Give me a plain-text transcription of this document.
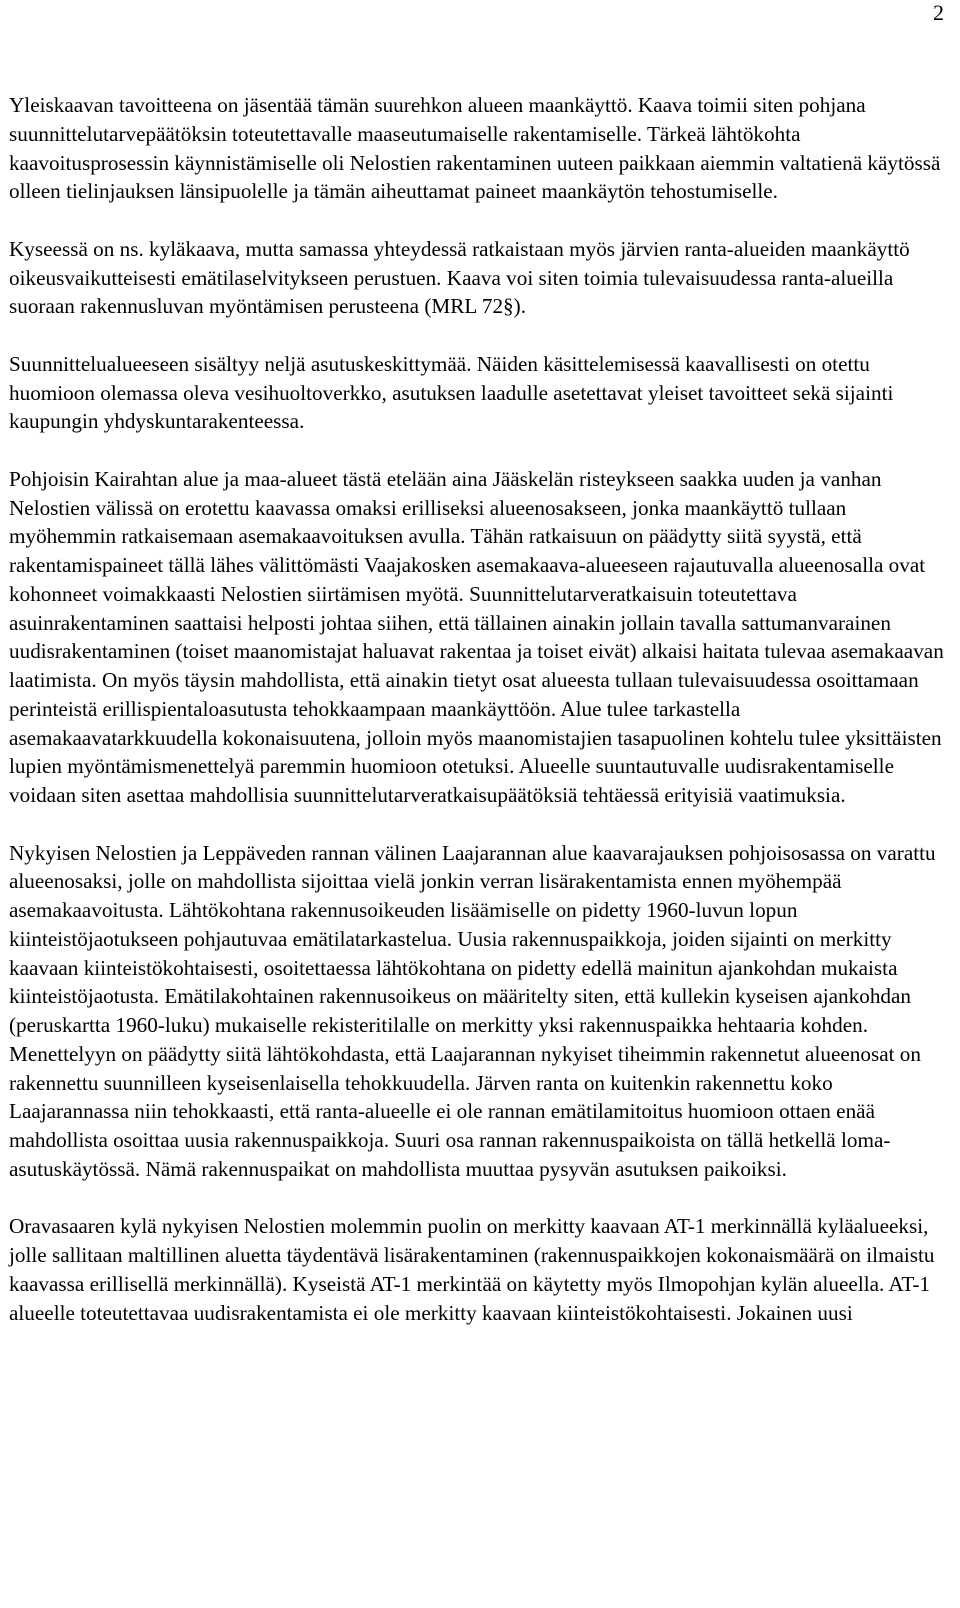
2

Yleiskaavan tavoitteena on jäsentää tämän suurehkon alueen maankäyttö. Kaava toimii siten pohjana suunnittelutarvepäätöksin toteutettavalle maaseutumaiselle rakentamiselle. Tärkeä lähtökohta kaavoitusprosessin käynnistämiselle oli Nelostien rakentaminen uuteen paikkaan aiemmin valtatienä käytössä olleen tielinjauksen länsipuolelle ja tämän aiheuttamat paineet maankäytön tehostumiselle.

Kyseessä on ns. kyläkaava, mutta samassa yhteydessä ratkaistaan myös järvien ranta-alueiden maankäyttö oikeusvaikutteisesti emätilaselvitykseen perustuen. Kaava voi siten toimia tulevaisuudessa ranta-alueilla suoraan rakennusluvan myöntämisen perusteena (MRL 72§).

Suunnittelualueeseen sisältyy neljä asutuskeskittymää. Näiden käsittelemisessä kaavallisesti on otettu huomioon olemassa oleva vesihuoltoverkko, asutuksen laadulle asetettavat yleiset tavoitteet sekä sijainti kaupungin yhdyskuntarakenteessa.

Pohjoisin Kairahtan alue ja maa-alueet tästä etelään aina Jääskelän risteykseen saakka uuden ja vanhan Nelostien välissä on erotettu kaavassa omaksi erilliseksi alueenosakseen, jonka maankäyttö tullaan myöhemmin ratkaisemaan asemakaavoituksen avulla. Tähän ratkaisuun on päädytty siitä syystä, että rakentamispaineet tällä lähes välittömästi Vaajakosken asemakaava-alueeseen rajautuvalla alueenosalla ovat kohonneet voimakkaasti Nelostien siirtämisen myötä. Suunnittelutarveratkaisuin toteutettava asuinrakentaminen saattaisi helposti johtaa siihen, että tällainen ainakin jollain tavalla sattumanvarainen uudisrakentaminen (toiset maanomistajat haluavat rakentaa ja toiset eivät) alkaisi haitata tulevaa asemakaavan laatimista. On myös täysin mahdollista, että ainakin tietyt osat alueesta tullaan tulevaisuudessa osoittamaan perinteistä erillispientaloasutusta tehokkaampaan maankäyttöön. Alue tulee tarkastella asemakaavatarkkuudella kokonaisuutena, jolloin myös maanomistajien tasapuolinen kohtelu tulee yksittäisten lupien myöntämismenettelyä paremmin huomioon otetuksi. Alueelle suuntautuvalle uudisrakentamiselle voidaan siten asettaa mahdollisia suunnittelutarveratkaisupäätöksiä tehtäessä erityisiä vaatimuksia.

Nykyisen Nelostien ja Leppäveden rannan välinen Laajarannan alue kaavarajauksen pohjoisosassa on varattu alueenosaksi, jolle on mahdollista sijoittaa vielä jonkin verran lisärakentamista ennen myöhempää asemakaavoitusta. Lähtökohtana rakennusoikeuden lisäämiselle on pidetty 1960-luvun lopun kiinteistöjaotukseen pohjautuvaa emätilatarkastelua. Uusia rakennuspaikkoja, joiden sijainti on merkitty kaavaan kiinteistökohtaisesti, osoitettaessa lähtökohtana on pidetty edellä mainitun ajankohdan mukaista kiinteistöjaotusta. Emätilakohtainen rakennusoikeus on määritelty siten, että kullekin kyseisen ajankohdan (peruskartta 1960-luku) mukaiselle rekisteritilalle on merkitty yksi rakennuspaikka hehtaaria kohden. Menettelyyn on päädytty siitä lähtökohdasta, että Laajarannan nykyiset tiheimmin rakennetut alueenosat on rakennettu suunnilleen kyseisenlaisella tehokkuudella. Järven ranta on kuitenkin rakennettu koko Laajarannassa niin tehokkaasti, että ranta-alueelle ei ole rannan emätilamitoitus huomioon ottaen enää mahdollista osoittaa uusia rakennuspaikkoja. Suuri osa rannan rakennuspaikoista on tällä hetkellä loma-asutuskäytössä. Nämä rakennuspaikat on mahdollista muuttaa pysyvän asutuksen paikoiksi.

Oravasaaren kylä nykyisen Nelostien molemmin puolin on merkitty kaavaan AT-1 merkinnällä kyläalueeksi, jolle sallitaan maltillinen aluetta täydentävä lisärakentaminen (rakennuspaikkojen kokonaismäärä on ilmaistu kaavassa erillisellä merkinnällä). Kyseistä AT-1 merkintää on käytetty myös Ilmopohjan kylän alueella. AT-1 alueelle toteutettavaa uudisrakentamista ei ole merkitty kaavaan kiinteistökohtaisesti. Jokainen uusi
